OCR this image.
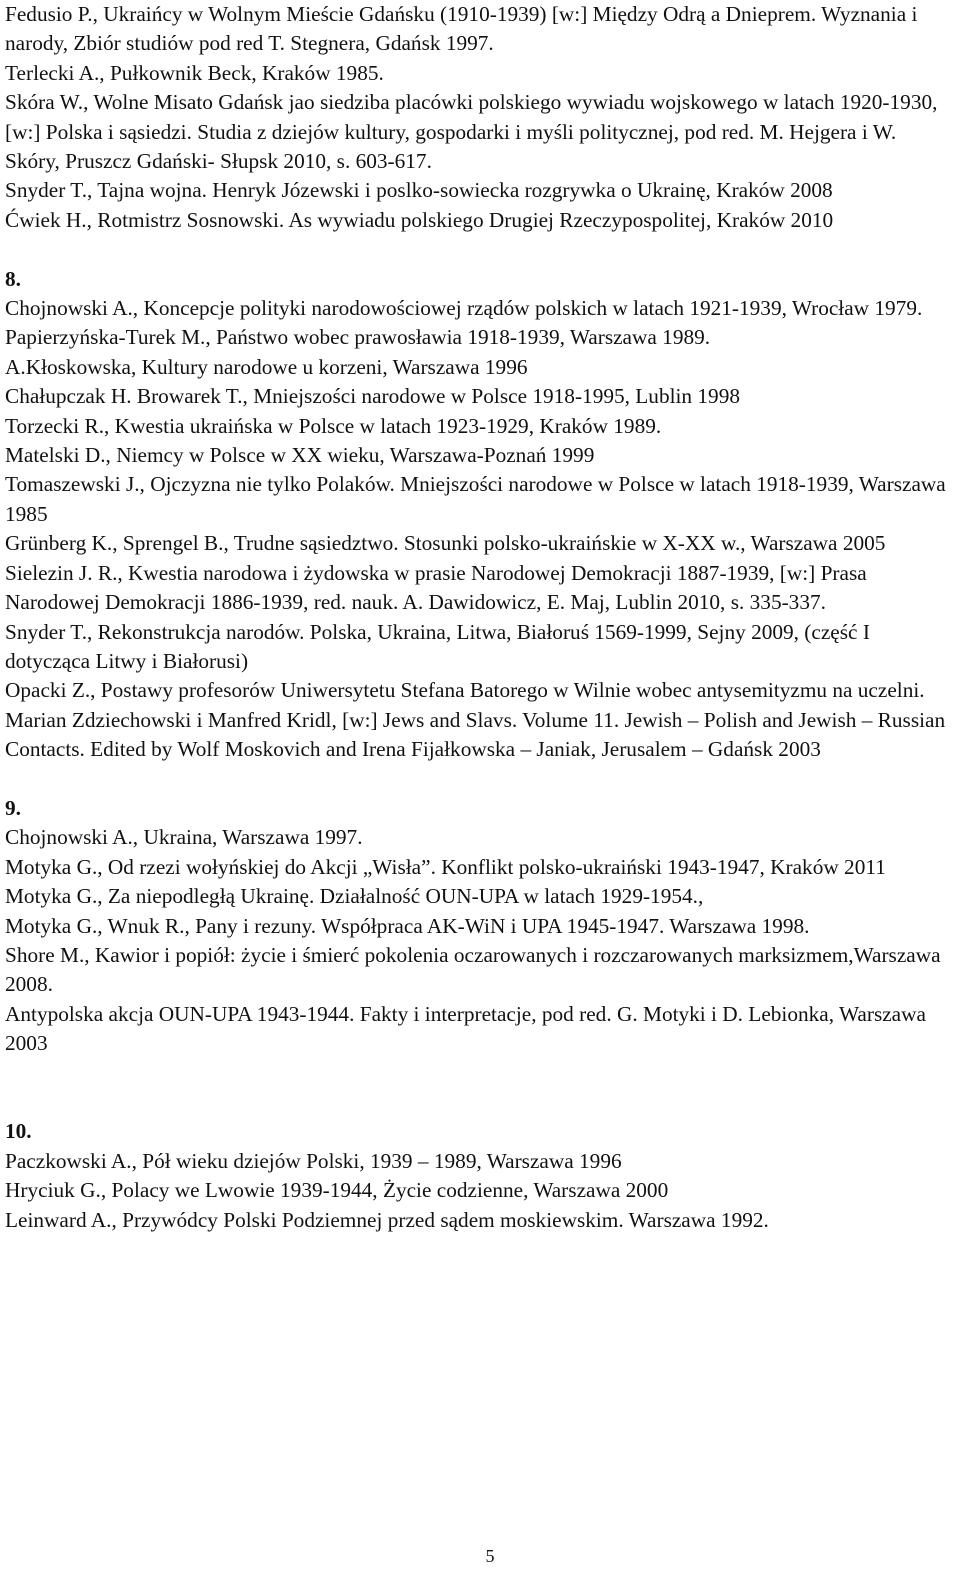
Fedusio P., Ukraińcy w Wolnym Mieście Gdańsku (1910-1939) [w:] Między Odrą a Dnieprem. Wyznania i narody, Zbiór studiów pod red T. Stegnera, Gdańsk 1997.

Terlecki A., Pułkownik Beck, Kraków 1985.

Skóra W., Wolne Misato Gdańsk jao siedziba placówki polskiego wywiadu wojskowego w latach 1920-1930, [w:] Polska i sąsiedzi. Studia z dziejów kultury, gospodarki i myśli politycznej, pod red. M. Hejgera i W. Skóry, Pruszcz Gdański- Słupsk 2010, s. 603-617.

Snyder T., Tajna wojna. Henryk Józewski i poslko-sowiecka rozgrywka o Ukrainę, Kraków 2008

Ćwiek H., Rotmistrz Sosnowski. As wywiadu polskiego Drugiej Rzeczypospolitej, Kraków 2010

8.

Chojnowski A., Koncepcje polityki narodowościowej rządów polskich w latach 1921-1939, Wrocław 1979.

Papierzyńska-Turek M., Państwo wobec prawosławia 1918-1939, Warszawa 1989.

A.Kłoskowska, Kultury narodowe u korzeni, Warszawa 1996

Chałupczak H. Browarek T., Mniejszości narodowe w Polsce 1918-1995, Lublin 1998

Torzecki R., Kwestia ukraińska w Polsce w latach 1923-1929, Kraków 1989.

Matelski D., Niemcy w Polsce w XX wieku, Warszawa-Poznań 1999

Tomaszewski J., Ojczyzna nie tylko Polaków. Mniejszości narodowe w Polsce w latach 1918-1939, Warszawa 1985

Grünberg K., Sprengel B., Trudne sąsiedztwo. Stosunki polsko-ukraińskie w X-XX w., Warszawa 2005

Sielezin J. R., Kwestia narodowa i żydowska w prasie Narodowej Demokracji 1887-1939, [w:] Prasa Narodowej Demokracji 1886-1939, red. nauk. A. Dawidowicz, E. Maj, Lublin 2010, s. 335-337.

Snyder T., Rekonstrukcja narodów. Polska, Ukraina, Litwa, Białoruś 1569-1999, Sejny 2009, (część I dotycząca Litwy i Białorusi)

Opacki Z., Postawy profesorów Uniwersytetu Stefana Batorego w Wilnie wobec antysemityzmu na uczelni. Marian Zdziechowski i Manfred Kridl, [w:] Jews and Slavs. Volume 11. Jewish – Polish and Jewish – Russian Contacts. Edited by Wolf Moskovich and Irena Fijałkowska – Janiak, Jerusalem – Gdańsk 2003

9.

Chojnowski A., Ukraina, Warszawa 1997.

Motyka G., Od rzezi wołyńskiej do Akcji „Wisła”. Konflikt polsko-ukraiński 1943-1947, Kraków 2011

Motyka G., Za niepodległą Ukrainę. Działalność OUN-UPA w latach 1929-1954.,

Motyka G., Wnuk R., Pany i rezuny. Współpraca AK-WiN i UPA 1945-1947. Warszawa 1998.

Shore M., Kawior i popiół: życie i śmierć pokolenia oczarowanych i rozczarowanych marksizmem,Warszawa 2008.

Antypolska akcja OUN-UPA 1943-1944. Fakty i interpretacje, pod red. G. Motyki i D. Lebionka, Warszawa 2003

10.

Paczkowski A., Pół wieku dziejów Polski, 1939 – 1989, Warszawa 1996

Hryciuk G., Polacy we Lwowie 1939-1944, Życie codzienne, Warszawa 2000

Leinward A., Przywódcy Polski Podziemnej przed sądem moskiewskim. Warszawa 1992.

5
